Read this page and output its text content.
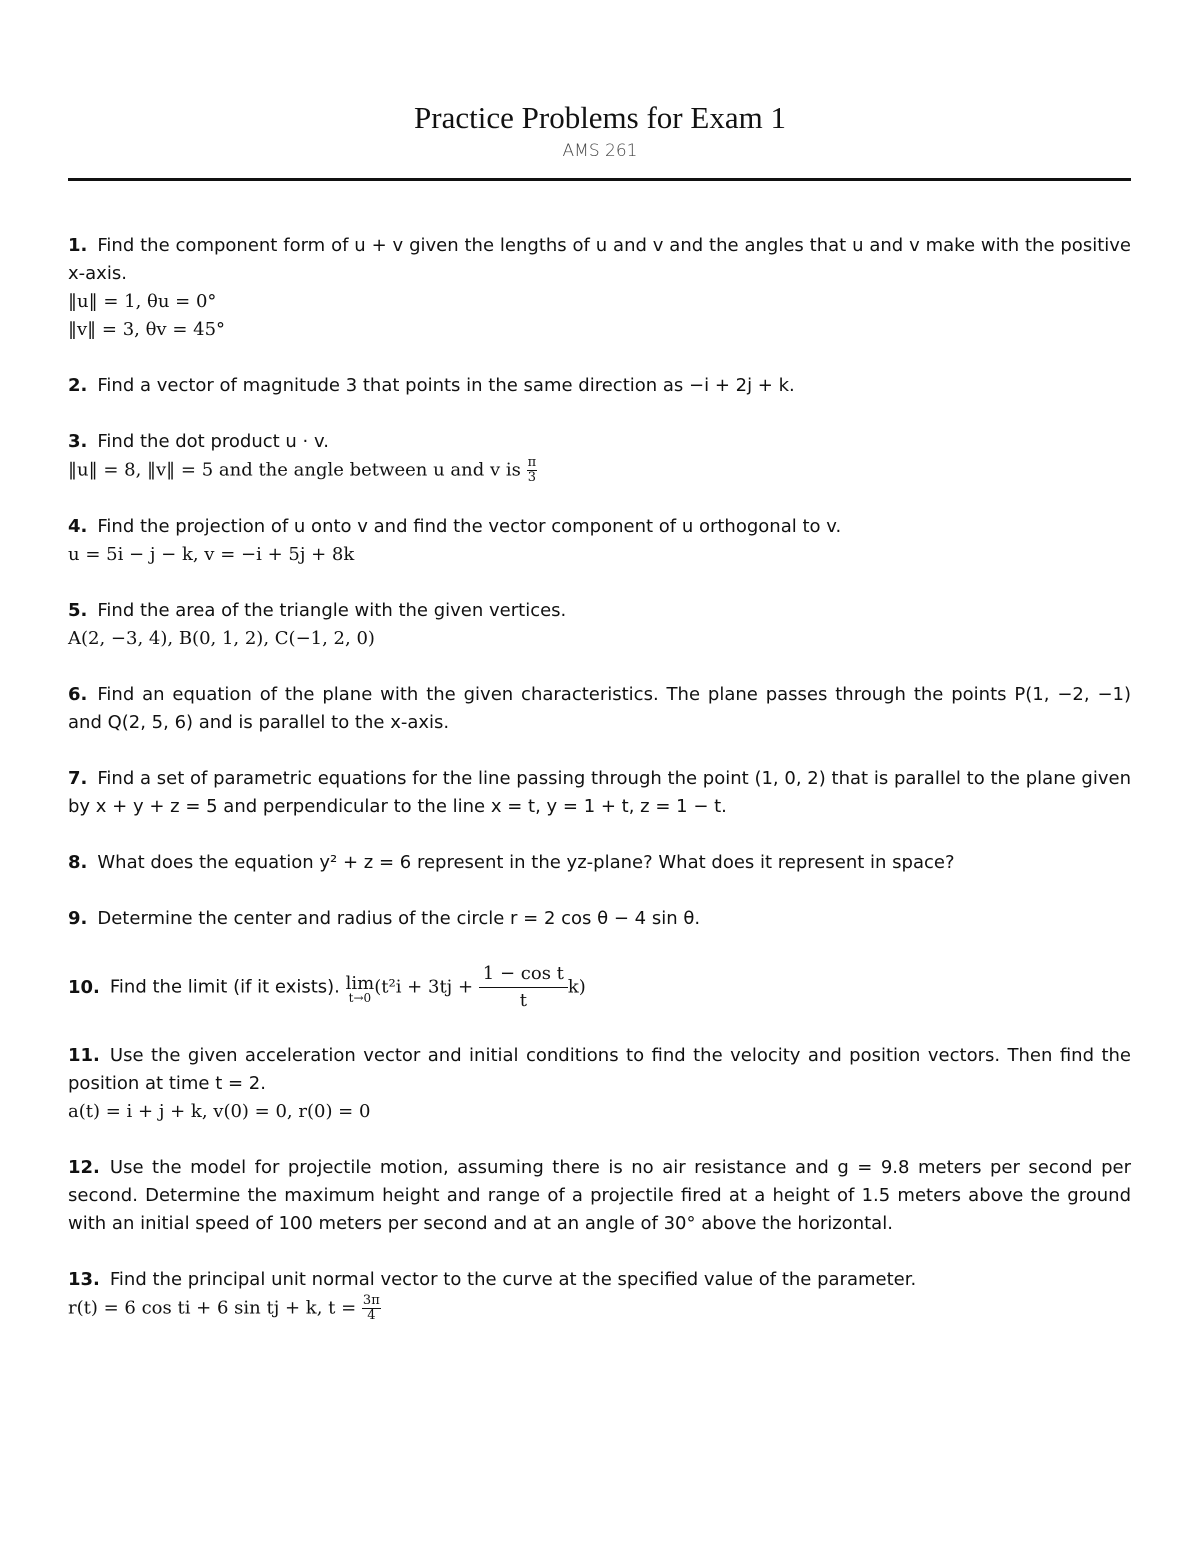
Practice Problems for Exam 1
AMS 261

1. Find the component form of u + v given the lengths of u and v and the angles that u and v make with the positive x-axis.

‖u‖ = 1, θu = 0°

‖v‖ = 3, θv = 45°

2. Find a vector of magnitude 3 that points in the same direction as −i + 2j + k.

3. Find the dot product u · v.

‖u‖ = 8, ‖v‖ = 5 and the angle between u and v is $\frac{\pi}{3}$

4. Find the projection of u onto v and find the vector component of u orthogonal to v.

u = 5i − j − k, v = −i + 5j + 8k

5. Find the area of the triangle with the given vertices.

A(2, −3, 4), B(0, 1, 2), C(−1, 2, 0)

6. Find an equation of the plane with the given characteristics. The plane passes through the points P(1, −2, −1) and Q(2, 5, 6) and is parallel to the x-axis.

7. Find a set of parametric equations for the line passing through the point (1, 0, 2) that is parallel to the plane given by x + y + z = 5 and perpendicular to the line x = t, y = 1 + t, z = 1 − t.

8. What does the equation y² + z = 6 represent in the yz-plane? What does it represent in space?

9. Determine the center and radius of the circle r = 2 cos θ − 4 sin θ.

10. Find the limit (if it exists). lim
t→0 $(t^2i + 3tj + \frac{\text{1 − cos t}}{t} k)$

11. Use the given acceleration vector and initial conditions to find the velocity and position vectors. Then find the position at time t = 2.

a(t) = i + j + k, v(0) = 0, r(0) = 0

12. Use the model for projectile motion, assuming there is no air resistance and g = 9.8 meters per second per second. Determine the maximum height and range of a projectile fired at a height of 1.5 meters above the ground with an initial speed of 100 meters per second and at an angle of 30° above the horizontal.

13. Find the principal unit normal vector to the curve at the specified value of the parameter.

r(t) = 6 cos ti + 6 sin tj + k, $t = \frac{3\pi}{4}$
